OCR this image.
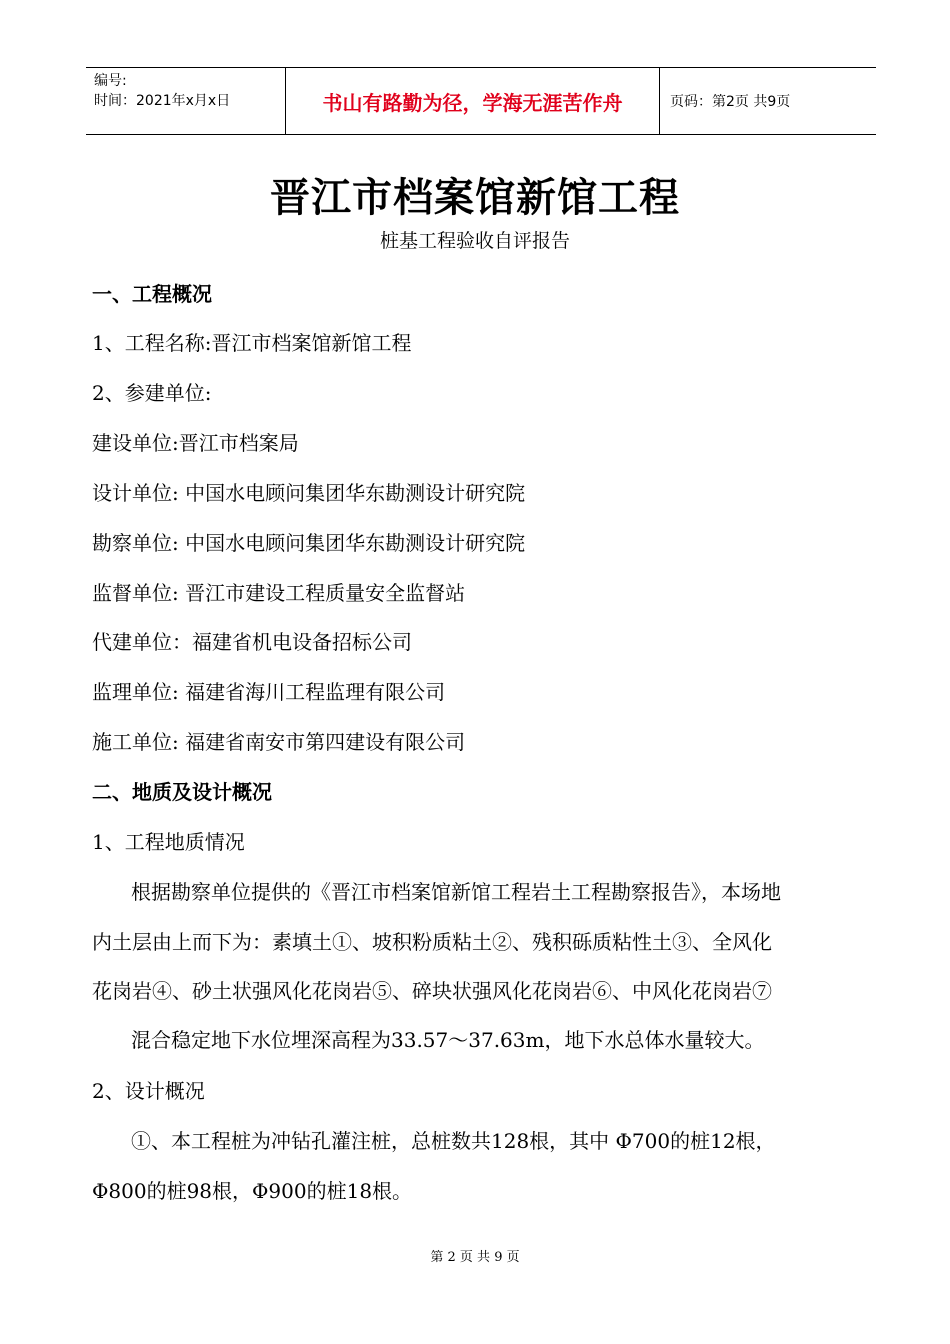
编号:
时间：2021年x月x日	书山有路勤为径，学海无涯苦作舟	页码：第2页 共9页
晋江市档案馆新馆工程
桩基工程验收自评报告
一、工程概况
1、工程名称:晋江市档案馆新馆工程
2、参建单位:
建设单位:晋江市档案局
设计单位: 中国水电顾问集团华东勘测设计研究院
勘察单位: 中国水电顾问集团华东勘测设计研究院
监督单位: 晋江市建设工程质量安全监督站
代建单位：福建省机电设备招标公司
监理单位: 福建省海川工程监理有限公司
施工单位: 福建省南安市第四建设有限公司
二、地质及设计概况
1、工程地质情况
根据勘察单位提供的《晋江市档案馆新馆工程岩土工程勘察报告》，本场地
内土层由上而下为：素填土①、坡积粉质粘土②、残积砾质粘性土③、全风化
花岗岩④、砂土状强风化花岗岩⑤、碎块状强风化花岗岩⑥、中风化花岗岩⑦
混合稳定地下水位埋深高程为33.57～37.63m，地下水总体水量较大。
2、设计概况
①、本工程桩为冲钻孔灌注桩，总桩数共128根，其中 Φ700的桩12根，
Φ800的桩98根，Φ900的桩18根。
第 2 页 共 9 页
